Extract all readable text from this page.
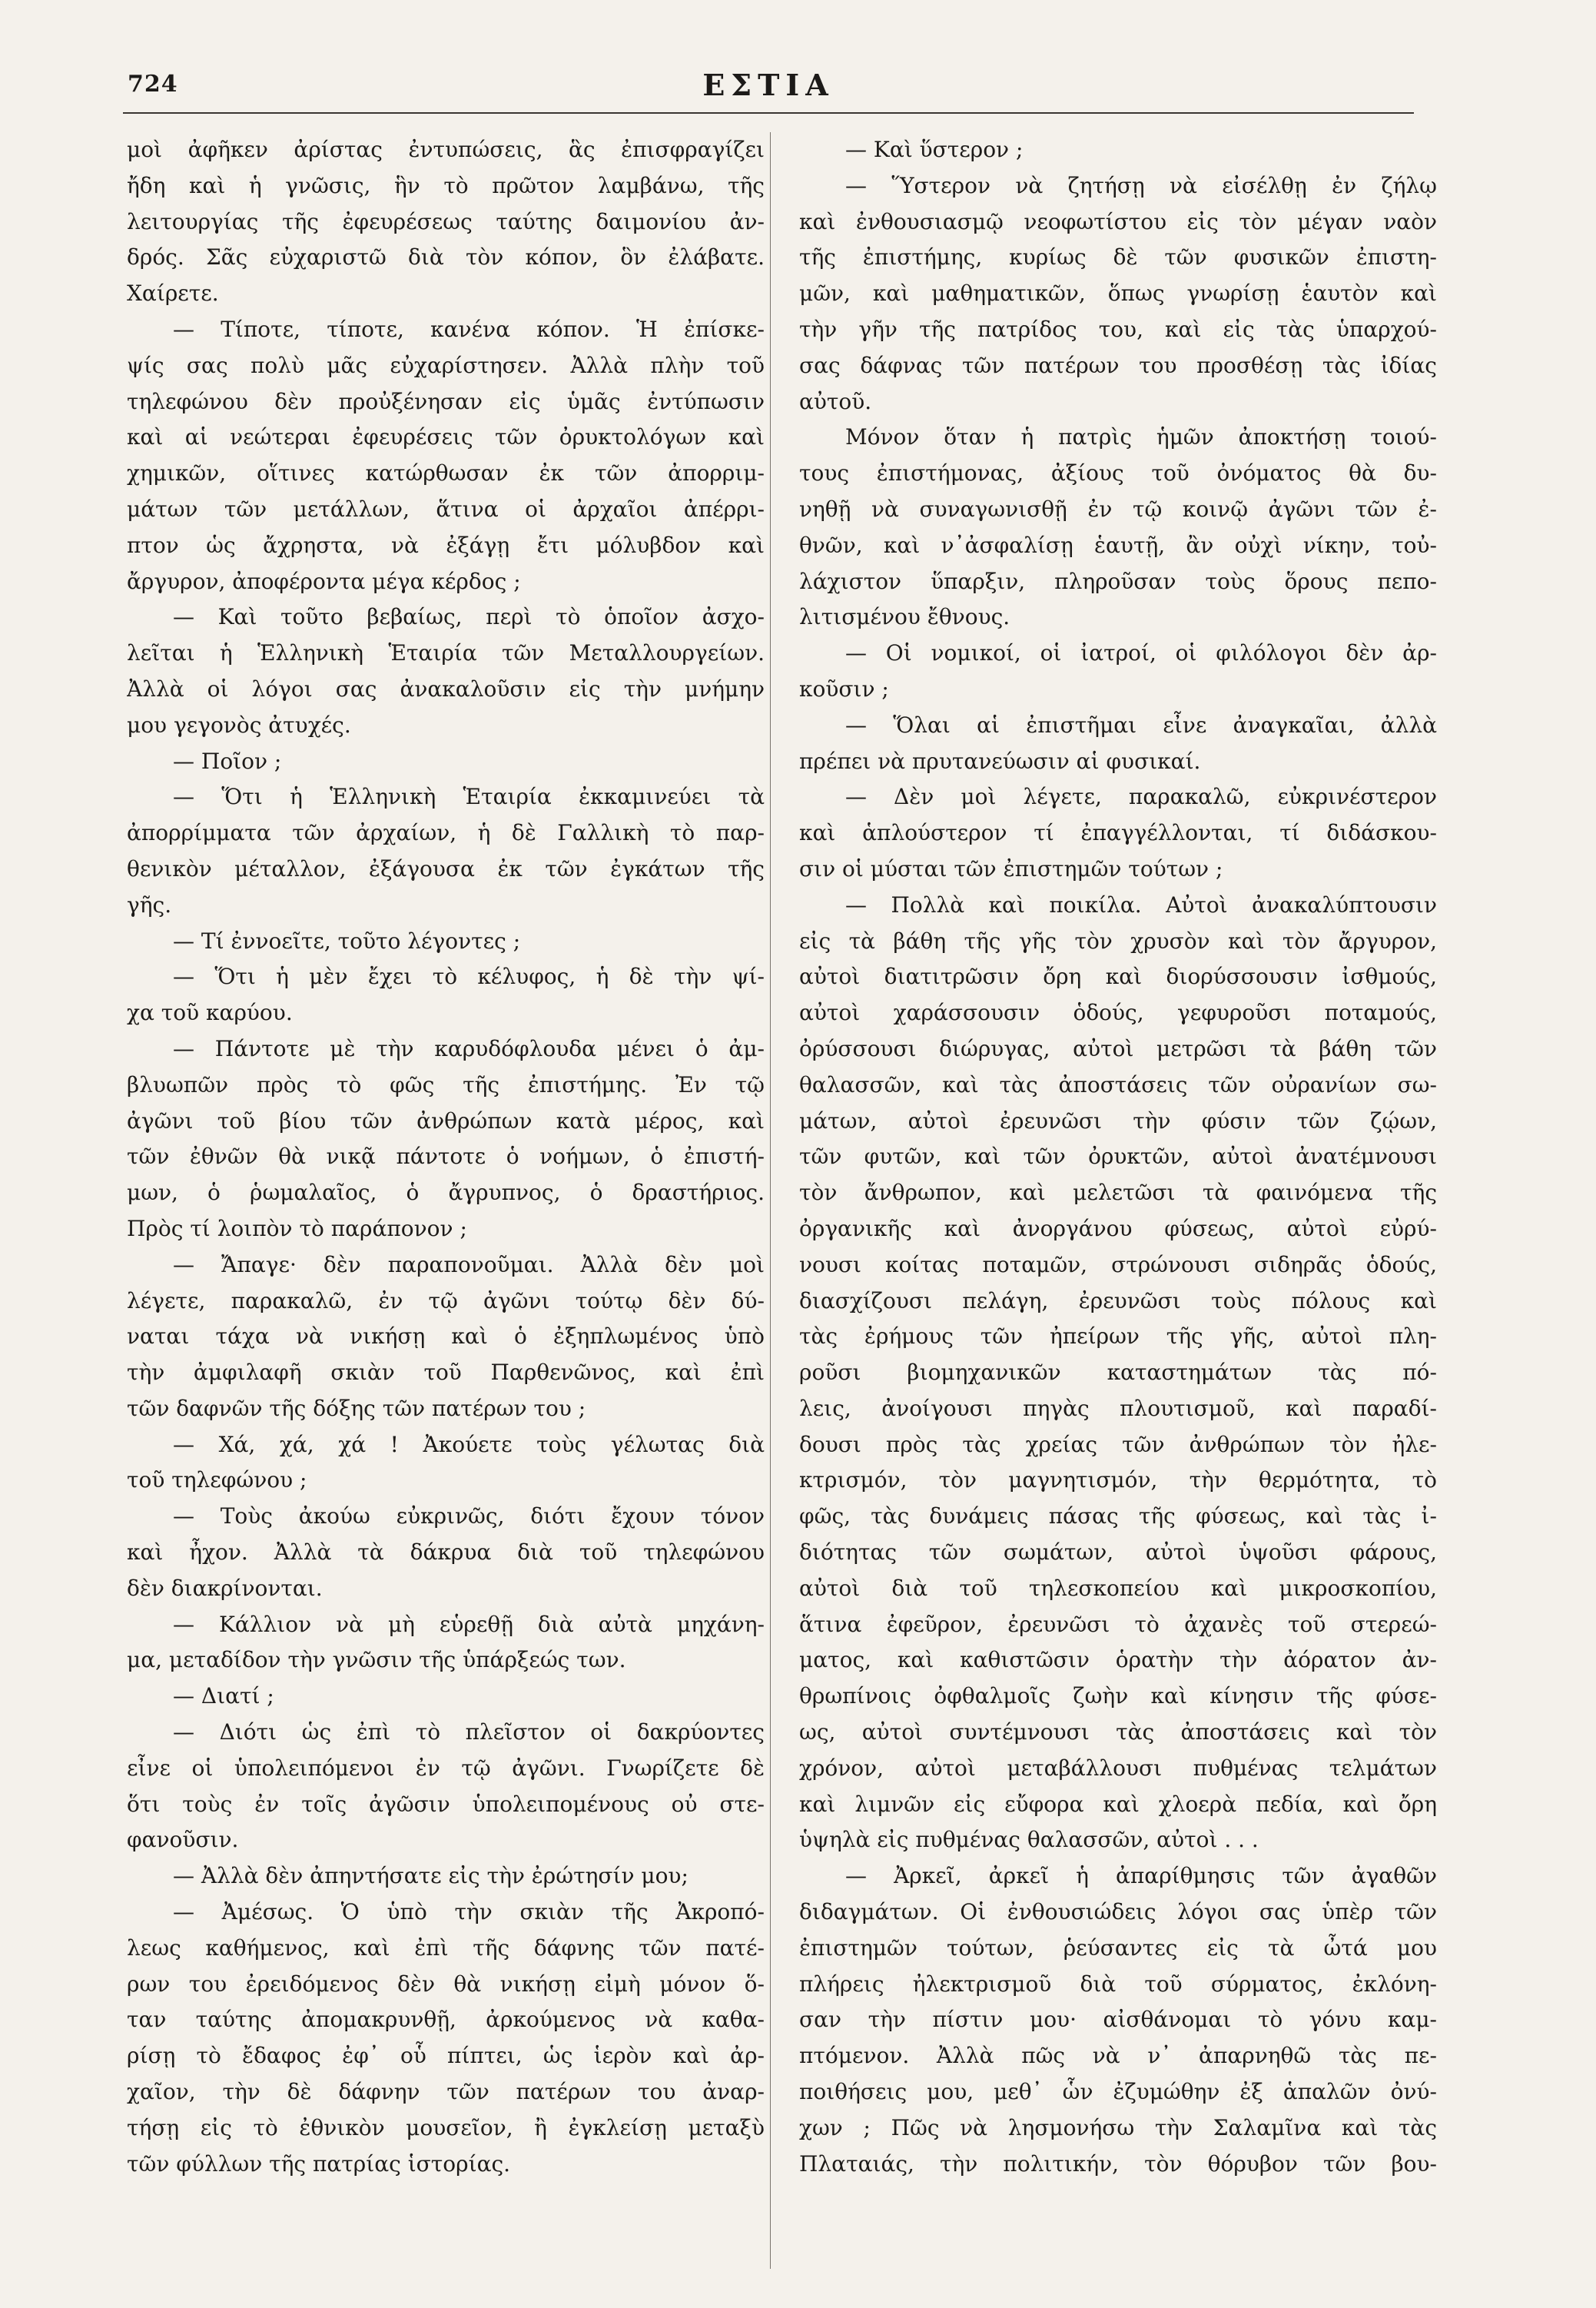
724	ΕΣΤΙΑ
μοὶ ἀφῆκεν ἀρίστας ἐντυπώσεις, ἃς ἐπισφραγίζει
ἤδη καὶ ἡ γνῶσις, ἣν τὸ πρῶτον λαμβάνω, τῆς
λειτουργίας τῆς ἐφευρέσεως ταύτης δαιμονίου ἀν-
δρός. Σᾶς εὐχαριστῶ διὰ τὸν κόπον, ὃν ἐλάβατε.
Χαίρετε.
— Τίποτε, τίποτε, κανένα κόπον. Ἡ ἐπίσκε-
ψίς σας πολὺ μᾶς εὐχαρίστησεν. Ἀλλὰ πλὴν τοῦ
τηλεφώνου δὲν προὐξένησαν εἰς ὑμᾶς ἐντύπωσιν
καὶ αἱ νεώτεραι ἐφευρέσεις τῶν ὀρυκτολόγων καὶ
χημικῶν, οἵτινες κατώρθωσαν ἐκ τῶν ἀπορριμ-
μάτων τῶν μετάλλων, ἅτινα οἱ ἀρχαῖοι ἀπέρρι-
πτον ὡς ἄχρηστα, νὰ ἐξάγῃ ἔτι μόλυβδον καὶ
ἄργυρον, ἀποφέροντα μέγα κέρδος ;
— Καὶ τοῦτο βεβαίως, περὶ τὸ ὁποῖον ἀσχο-
λεῖται ἡ Ἑλληνικὴ Ἑταιρία τῶν Μεταλλουργείων.
Ἀλλὰ οἱ λόγοι σας ἀνακαλοῦσιν εἰς τὴν μνήμην
μου γεγονὸς ἀτυχές.
— Ποῖον ;
— Ὅτι ἡ Ἑλληνικὴ Ἑταιρία ἐκκαμινεύει τὰ
ἀπορρίμματα τῶν ἀρχαίων, ἡ δὲ Γαλλικὴ τὸ παρ-
θενικὸν μέταλλον, ἐξάγουσα ἐκ τῶν ἐγκάτων τῆς
γῆς.
— Τί ἐννοεῖτε, τοῦτο λέγοντες ;
— Ὅτι ἡ μὲν ἔχει τὸ κέλυφος, ἡ δὲ τὴν ψί-
χα τοῦ καρύου.
— Πάντοτε μὲ τὴν καρυδόφλουδα μένει ὁ ἀμ-
βλυωπῶν πρὸς τὸ φῶς τῆς ἐπιστήμης. Ἐν τῷ
ἀγῶνι τοῦ βίου τῶν ἀνθρώπων κατὰ μέρος, καὶ
τῶν ἐθνῶν θὰ νικᾷ πάντοτε ὁ νοήμων, ὁ ἐπιστή-
μων, ὁ ῥωμαλαῖος, ὁ ἄγρυπνος, ὁ δραστήριος.
Πρὸς τί λοιπὸν τὸ παράπονον ;
— Ἄπαγε· δὲν παραπονοῦμαι. Ἀλλὰ δὲν μοὶ
λέγετε, παρακαλῶ, ἐν τῷ ἀγῶνι τούτῳ δὲν δύ-
ναται τάχα νὰ νικήσῃ καὶ ὁ ἐξηπλωμένος ὑπὸ
τὴν ἀμφιλαφῆ σκιὰν τοῦ Παρθενῶνος, καὶ ἐπὶ
τῶν δαφνῶν τῆς δόξης τῶν πατέρων του ;
— Χά, χά, χά ! Ἀκούετε τοὺς γέλωτας διὰ
τοῦ τηλεφώνου ;
— Τοὺς ἀκούω εὐκρινῶς, διότι ἔχουν τόνον
καὶ ἦχον. Ἀλλὰ τὰ δάκρυα διὰ τοῦ τηλεφώνου
δὲν διακρίνονται.
— Κάλλιον νὰ μὴ εὑρεθῇ διὰ αὐτὰ μηχάνη-
μα, μεταδίδον τὴν γνῶσιν τῆς ὑπάρξεώς των.
— Διατί ;
— Διότι ὡς ἐπὶ τὸ πλεῖστον οἱ δακρύοντες
εἶνε οἱ ὑπολειπόμενοι ἐν τῷ ἀγῶνι. Γνωρίζετε δὲ
ὅτι τοὺς ἐν τοῖς ἀγῶσιν ὑπολειπομένους οὐ στε-
φανοῦσιν.
— Ἀλλὰ δὲν ἀπηντήσατε εἰς τὴν ἐρώτησίν μου;
— Ἀμέσως. Ὁ ὑπὸ τὴν σκιὰν τῆς Ἀκροπό-
λεως καθήμενος, καὶ ἐπὶ τῆς δάφνης τῶν πατέ-
ρων του ἐρειδόμενος δὲν θὰ νικήσῃ εἰμὴ μόνον ὅ-
ταν ταύτης ἀπομακρυνθῇ, ἀρκούμενος νὰ καθα-
ρίσῃ τὸ ἔδαφος ἐφ᾽ οὗ πίπτει, ὡς ἱερὸν καὶ ἀρ-
χαῖον, τὴν δὲ δάφνην τῶν πατέρων του ἀναρ-
τήσῃ εἰς τὸ ἐθνικὸν μουσεῖον, ἢ ἐγκλείσῃ μεταξὺ
τῶν φύλλων τῆς πατρίας ἱστορίας.
— Καὶ ὕστερον ;
— Ὕστερον νὰ ζητήσῃ νὰ εἰσέλθῃ ἐν ζήλῳ
καὶ ἐνθουσιασμῷ νεοφωτίστου εἰς τὸν μέγαν ναὸν
τῆς ἐπιστήμης, κυρίως δὲ τῶν φυσικῶν ἐπιστη-
μῶν, καὶ μαθηματικῶν, ὅπως γνωρίσῃ ἑαυτὸν καὶ
τὴν γῆν τῆς πατρίδος του, καὶ εἰς τὰς ὑπαρχού-
σας δάφνας τῶν πατέρων του προσθέσῃ τὰς ἰδίας
αὐτοῦ.
Μόνον ὅταν ἡ πατρὶς ἡμῶν ἀποκτήσῃ τοιού-
τους ἐπιστήμονας, ἀξίους τοῦ ὀνόματος θὰ δυ-
νηθῇ νὰ συναγωνισθῇ ἐν τῷ κοινῷ ἀγῶνι τῶν ἐ-
θνῶν, καὶ ν᾽ἀσφαλίσῃ ἑαυτῇ, ἂν οὐχὶ νίκην, τοὐ-
λάχιστον ὕπαρξιν, πληροῦσαν τοὺς ὅρους πεπο-
λιτισμένου ἔθνους.
— Οἱ νομικοί, οἱ ἰατροί, οἱ φιλόλογοι δὲν ἀρ-
κοῦσιν ;
— Ὅλαι αἱ ἐπιστῆμαι εἶνε ἀναγκαῖαι, ἀλλὰ
πρέπει νὰ πρυτανεύωσιν αἱ φυσικαί.
— Δὲν μοὶ λέγετε, παρακαλῶ, εὐκρινέστερον
καὶ ἁπλούστερον τί ἐπαγγέλλονται, τί διδάσκου-
σιν οἱ μύσται τῶν ἐπιστημῶν τούτων ;
— Πολλὰ καὶ ποικίλα. Αὐτοὶ ἀνακαλύπτουσιν
εἰς τὰ βάθη τῆς γῆς τὸν χρυσὸν καὶ τὸν ἄργυρον,
αὐτοὶ διατιτρῶσιν ὄρη καὶ διορύσσουσιν ἰσθμούς,
αὐτοὶ χαράσσουσιν ὁδούς, γεφυροῦσι ποταμούς,
ὀρύσσουσι διώρυγας, αὐτοὶ μετρῶσι τὰ βάθη τῶν
θαλασσῶν, καὶ τὰς ἀποστάσεις τῶν οὐρανίων σω-
μάτων, αὐτοὶ ἐρευνῶσι τὴν φύσιν τῶν ζῴων,
τῶν φυτῶν, καὶ τῶν ὀρυκτῶν, αὐτοὶ ἀνατέμνουσι
τὸν ἄνθρωπον, καὶ μελετῶσι τὰ φαινόμενα τῆς
ὀργανικῆς καὶ ἀνοργάνου φύσεως, αὐτοὶ εὐρύ-
νουσι κοίτας ποταμῶν, στρώνουσι σιδηρᾶς ὁδούς,
διασχίζουσι πελάγη, ἐρευνῶσι τοὺς πόλους καὶ
τὰς ἐρήμους τῶν ἠπείρων τῆς γῆς, αὐτοὶ πλη-
ροῦσι βιομηχανικῶν καταστημάτων τὰς πό-
λεις, ἀνοίγουσι πηγὰς πλουτισμοῦ, καὶ παραδί-
δουσι πρὸς τὰς χρείας τῶν ἀνθρώπων τὸν ἠλε-
κτρισμόν, τὸν μαγνητισμόν, τὴν θερμότητα, τὸ
φῶς, τὰς δυνάμεις πάσας τῆς φύσεως, καὶ τὰς ἰ-
διότητας τῶν σωμάτων, αὐτοὶ ὑψοῦσι φάρους,
αὐτοὶ διὰ τοῦ τηλεσκοπείου καὶ μικροσκοπίου,
ἅτινα ἐφεῦρον, ἐρευνῶσι τὸ ἀχανὲς τοῦ στερεώ-
ματος, καὶ καθιστῶσιν ὁρατὴν τὴν ἀόρατον ἀν-
θρωπίνοις ὀφθαλμοῖς ζωὴν καὶ κίνησιν τῆς φύσε-
ως, αὐτοὶ συντέμνουσι τὰς ἀποστάσεις καὶ τὸν
χρόνον, αὐτοὶ μεταβάλλουσι πυθμένας τελμάτων
καὶ λιμνῶν εἰς εὔφορα καὶ χλοερὰ πεδία, καὶ ὄρη
ὑψηλὰ εἰς πυθμένας θαλασσῶν, αὐτοὶ . . .
— Ἀρκεῖ, ἀρκεῖ ἡ ἀπαρίθμησις τῶν ἀγαθῶν
διδαγμάτων. Οἱ ἐνθουσιώδεις λόγοι σας ὑπὲρ τῶν
ἐπιστημῶν τούτων, ῥεύσαντες εἰς τὰ ὦτά μου
πλήρεις ἠλεκτρισμοῦ διὰ τοῦ σύρματος, ἐκλόνη-
σαν τὴν πίστιν μου· αἰσθάνομαι τὸ γόνυ καμ-
πτόμενον. Ἀλλὰ πῶς νὰ ν᾽ ἀπαρνηθῶ τὰς πε-
ποιθήσεις μου, μεθ᾽ ὧν ἐζυμώθην ἐξ ἁπαλῶν ὀνύ-
χων ; Πῶς νὰ λησμονήσω τὴν Σαλαμῖνα καὶ τὰς
Πλαταιάς, τὴν πολιτικήν, τὸν θόρυβον τῶν βου-
